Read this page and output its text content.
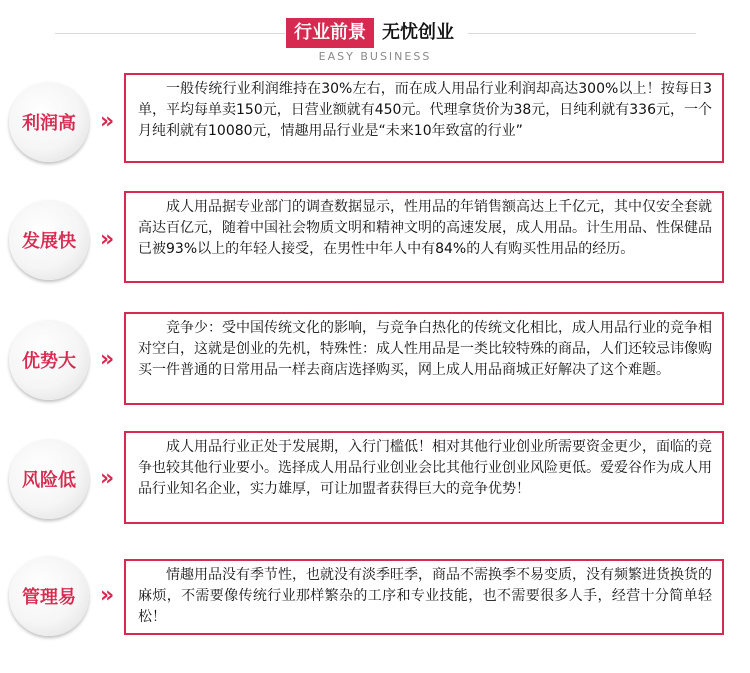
行业前景 无忧创业
EASY BUSINESS
利润高 »
一般传统行业利润维持在30%左右，而在成人用品行业利润却高达300%以上！按每日3单，平均每单卖150元，日营业额就有450元。代理拿货价为38元，日纯利就有336元，一个月纯利就有10080元，情趣用品行业是“未来10年致富的行业”
发展快 »
成人用品据专业部门的调查数据显示，性用品的年销售额高达上千亿元，其中仅安全套就高达百亿元，随着中国社会物质文明和精神文明的高速发展，成人用品。计生用品、性保健品已被93%以上的年轻人接受，在男性中年人中有84%的人有购买性用品的经历。
优势大 »
竞争少：受中国传统文化的影响，与竞争白热化的传统文化相比，成人用品行业的竞争相对空白，这就是创业的先机，特殊性：成人性用品是一类比较特殊的商品，人们还较忌讳像购买一件普通的日常用品一样去商店选择购买，网上成人用品商城正好解决了这个难题。
风险低 »
成人用品行业正处于发展期，入行门槛低！相对其他行业创业所需要资金更少，面临的竞争也较其他行业要小。选择成人用品行业创业会比其他行业创业风险更低。爱爱谷作为成人用品行业知名企业，实力雄厚，可让加盟者获得巨大的竞争优势！
管理易 »
情趣用品没有季节性，也就没有淡季旺季，商品不需换季不易变质，没有频繁进货换货的麻烦，不需要像传统行业那样繁杂的工序和专业技能，也不需要很多人手，经营十分简单轻松！
